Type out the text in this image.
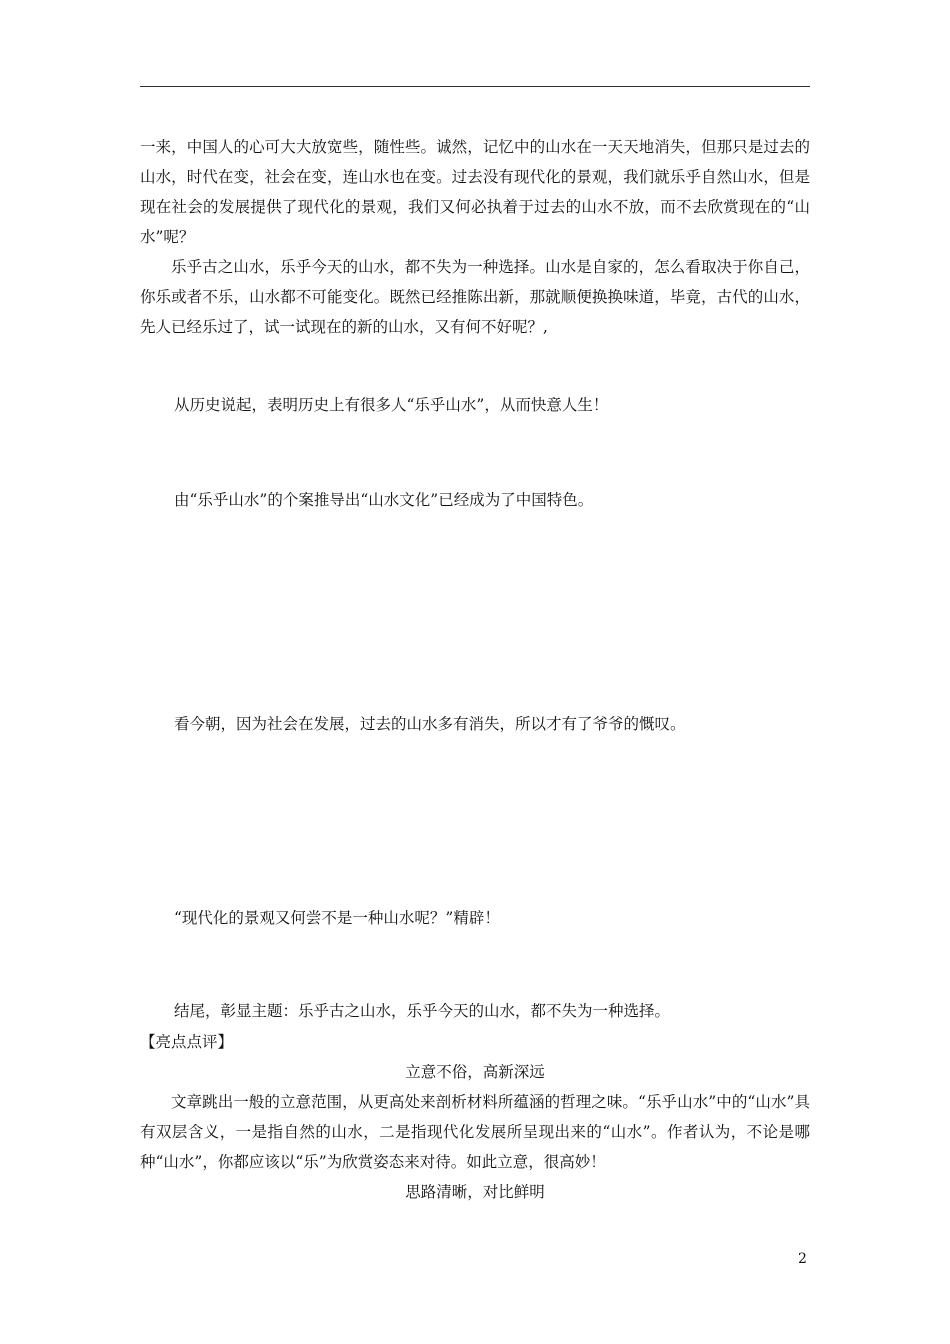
一来，中国人的心可大大放宽些，随性些。诚然，记忆中的山水在一天天地消失，但那只是过去的山水，时代在变，社会在变，连山水也在变。过去没有现代化的景观，我们就乐乎自然山水，但是现在社会的发展提供了现代化的景观，我们又何必执着于过去的山水不放，而不去欣赏现在的“山水”呢？

乐乎古之山水，乐乎今天的山水，都不失为一种选择。山水是自家的，怎么看取决于你自己，你乐或者不乐，山水都不可能变化。既然已经推陈出新，那就顺便换换味道，毕竟，古代的山水，先人已经乐过了，试一试现在的新的山水，又有何不好呢？,

从历史说起，表明历史上有很多人“乐乎山水”，从而快意人生！
由“乐乎山水”的个案推导出“山水文化”已经成为了中国特色。
看今朝，因为社会在发展，过去的山水多有消失，所以才有了爷爷的慨叹。
“现代化的景观又何尝不是一种山水呢？”精辟！
结尾，彰显主题：乐乎古之山水，乐乎今天的山水，都不失为一种选择。

【亮点点评】

立意不俗，高新深远

文章跳出一般的立意范围，从更高处来剖析材料所蕴涵的哲理之味。“乐乎山水”中的“山水”具有双层含义，一是指自然的山水，二是指现代化发展所呈现出来的“山水”。作者认为，不论是哪种“山水”，你都应该以“乐”为欣赏姿态来对待。如此立意，很高妙！

思路清晰，对比鲜明

2
